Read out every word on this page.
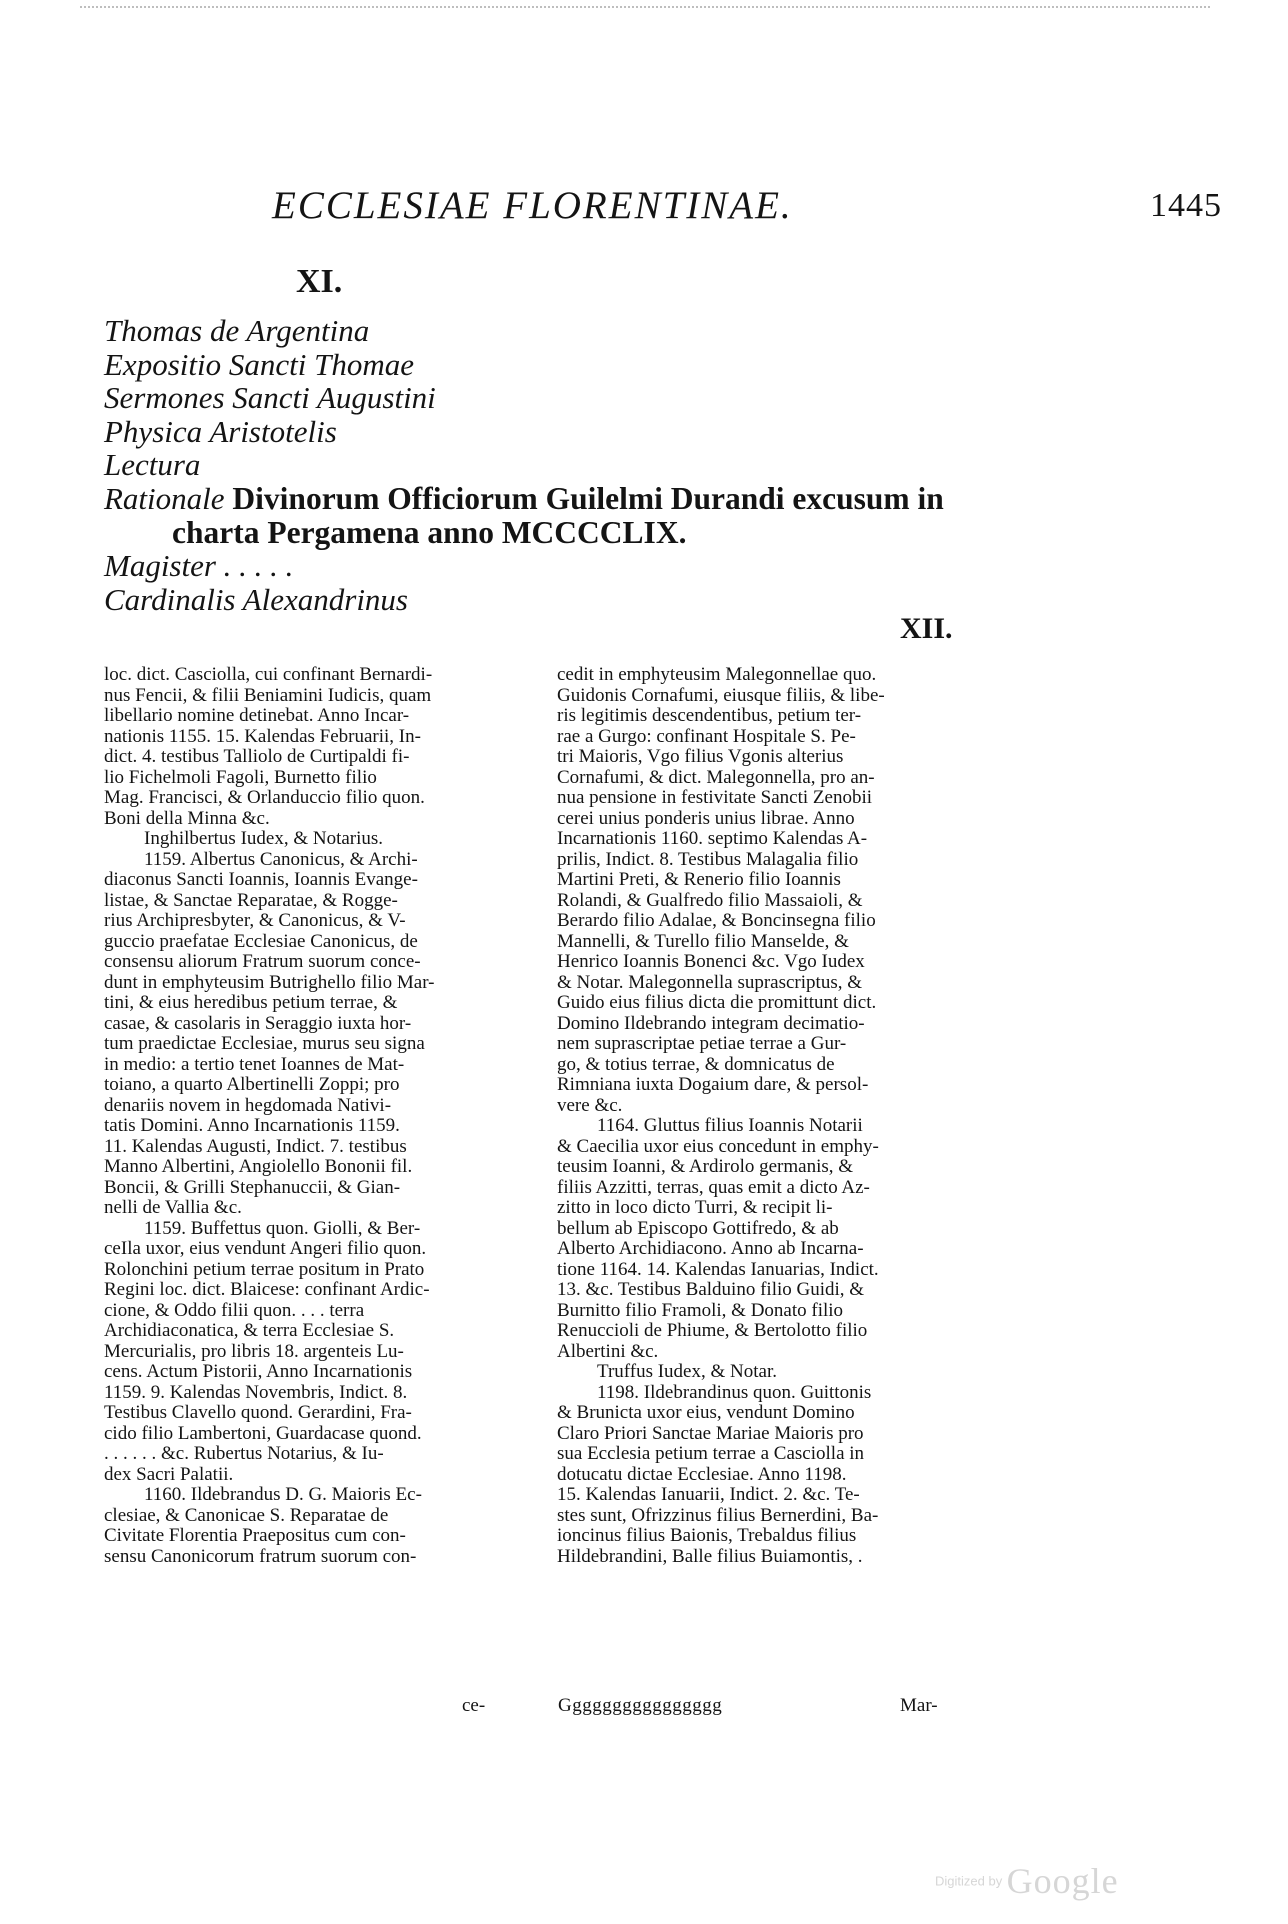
ECCLESIAE FLORENTINAE.	1445
XI.
Thomas de Argentina
Expositio Sancti Thomae
Sermones Sancti Augustini
Physica Aristotelis
Lectura
Rationale Divinorum Officiorum Guilelmi Durandi excusum in
charta Pergamena anno MCCCCLIX.
Magister . . . . .
Cardinalis Alexandrinus
XII.
loc. dict. Casciolla, cui confinant Bernardi-
nus Fencii, & filii Beniamini Iudicis, quam
libellario nomine detinebat. Anno Incar-
nationis 1155. 15. Kalendas Februarii, In-
dict. 4. testibus Talliolo de Curtipaldi fi-
lio Fichelmoli Fagoli, Burnetto filio
Mag. Francisci, & Orlanduccio filio quon.
Boni della Minna &c.
Inghilbertus Iudex, & Notarius.
1159. Albertus Canonicus, & Archi-
diaconus Sancti Ioannis, Ioannis Evange-
listae, & Sanctae Reparatae, & Rogge-
rius Archipresbyter, & Canonicus, & V-
guccio praefatae Ecclesiae Canonicus, de
consensu aliorum Fratrum suorum conce-
dunt in emphyteusim Butrighello filio Mar-
tini, & eius heredibus petium terrae, &
casae, & casolaris in Seraggio iuxta hor-
tum praedictae Ecclesiae, murus seu signa
in medio: a tertio tenet Ioannes de Mat-
toiano, a quarto Albertinelli Zoppi; pro
denariis novem in hegdomada Nativi-
tatis Domini. Anno Incarnationis 1159.
11. Kalendas Augusti, Indict. 7. testibus
Manno Albertini, Angiolello Bononii fil.
Boncii, & Grilli Stephanuccii, & Gian-
nelli de Vallia &c.
1159. Buffettus quon. Giolli, & Ber-
ceIla uxor, eius vendunt Angeri filio quon.
Rolonchini petium terrae positum in Prato
Regini loc. dict. Blaicese: confinant Ardic-
cione, & Oddo filii quon. . . . terra
Archidiaconatica, & terra Ecclesiae S.
Mercurialis, pro libris 18. argenteis Lu-
cens. Actum Pistorii, Anno Incarnationis
1159. 9. Kalendas Novembris, Indict. 8.
Testibus Clavello quond. Gerardini, Fra-
cido filio Lambertoni, Guardacase quond.
. . . . . . &c. Rubertus Notarius, & Iu-
dex Sacri Palatii.
1160. Ildebrandus D. G. Maioris Ec-
clesiae, & Canonicae S. Reparatae de
Civitate Florentia Praepositus cum con-
sensu Canonicorum fratrum suorum con-
cedit in emphyteusim Malegonnellae quo.
Guidonis Cornafumi, eiusque filiis, & libe-
ris legitimis descendentibus, petium ter-
rae a Gurgo: confinant Hospitale S. Pe-
tri Maioris, Vgo filius Vgonis alterius
Cornafumi, & dict. Malegonnella, pro an-
nua pensione in festivitate Sancti Zenobii
cerei unius ponderis unius librae. Anno
Incarnationis 1160. septimo Kalendas A-
prilis, Indict. 8. Testibus Malagalia filio
Martini Preti, & Renerio filio Ioannis
Rolandi, & Gualfredo filio Massaioli, &
Berardo filio Adalae, & Boncinsegna filio
Mannelli, & Turello filio Manselde, &
Henrico Ioannis Bonenci &c. Vgo Iudex
& Notar. Malegonnella suprascriptus, &
Guido eius filius dicta die promittunt dict.
Domino Ildebrando integram decimatio-
nem suprascriptae petiae terrae a Gur-
go, & totius terrae, & domnicatus de
Rimniana iuxta Dogaium dare, & persol-
vere &c.
1164. Gluttus filius Ioannis Notarii
& Caecilia uxor eius concedunt in emphy-
teusim Ioanni, & Ardirolo germanis, &
filiis Azzitti, terras, quas emit a dicto Az-
zitto in loco dicto Turri, & recipit li-
bellum ab Episcopo Gottifredo, & ab
Alberto Archidiacono. Anno ab Incarna-
tione 1164. 14. Kalendas Ianuarias, Indict.
13. &c. Testibus Balduino filio Guidi, &
Burnitto filio Framoli, & Donato filio
Renuccioli de Phiume, & Bertolotto filio
Albertini &c.
Truffus Iudex, & Notar.
1198. Ildebrandinus quon. Guittonis
& Brunicta uxor eius, vendunt Domino
Claro Priori Sanctae Mariae Maioris pro
sua Ecclesia petium terrae a Casciolla in
dotucatu dictae Ecclesiae. Anno 1198.
15. Kalendas Ianuarii, Indict. 2. &c. Te-
stes sunt, Ofrizzinus filius Bernerdini, Ba-
ioncinus filius Baionis, Trebaldus filius
Hildebrandini, Balle filius Buiamontis, .
ce-	Gggggggggggggggg	Mar-
Digitized by Google
